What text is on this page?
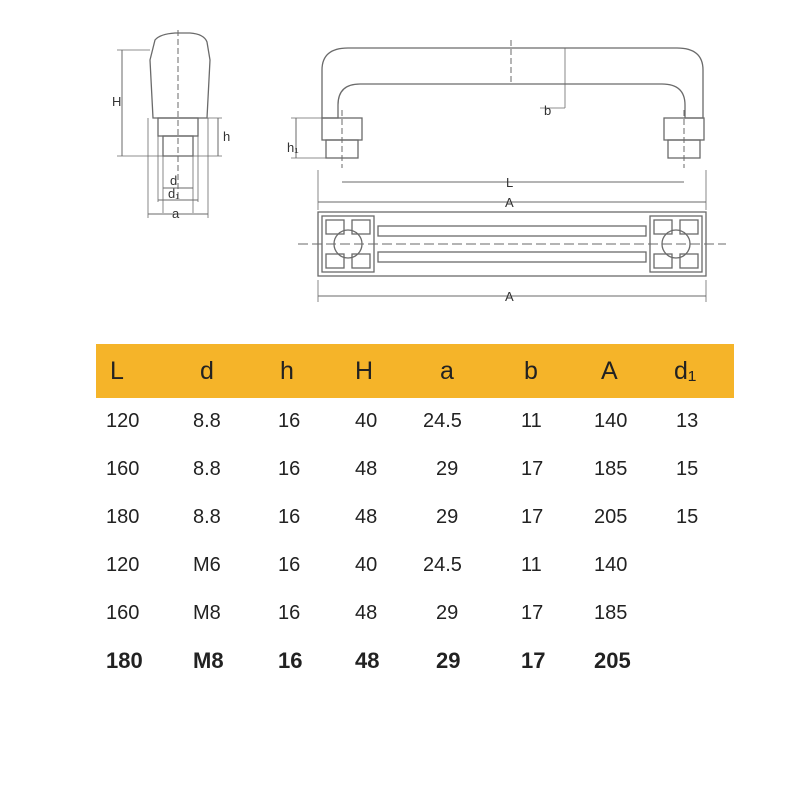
H
h
d
d₁
a
h₁
b
L
A
A
L	d	h H	a	b	A d₁
120	8.8	16	40 24.5	11	140 13
160	8.8	16	48	29	17	185 15
180	8.8	16	48	29	17	205 15
120	M6	16	40 24.5	11	140
160	M8	16	48	29	17	185
180 M8 16 48	29	17 205
